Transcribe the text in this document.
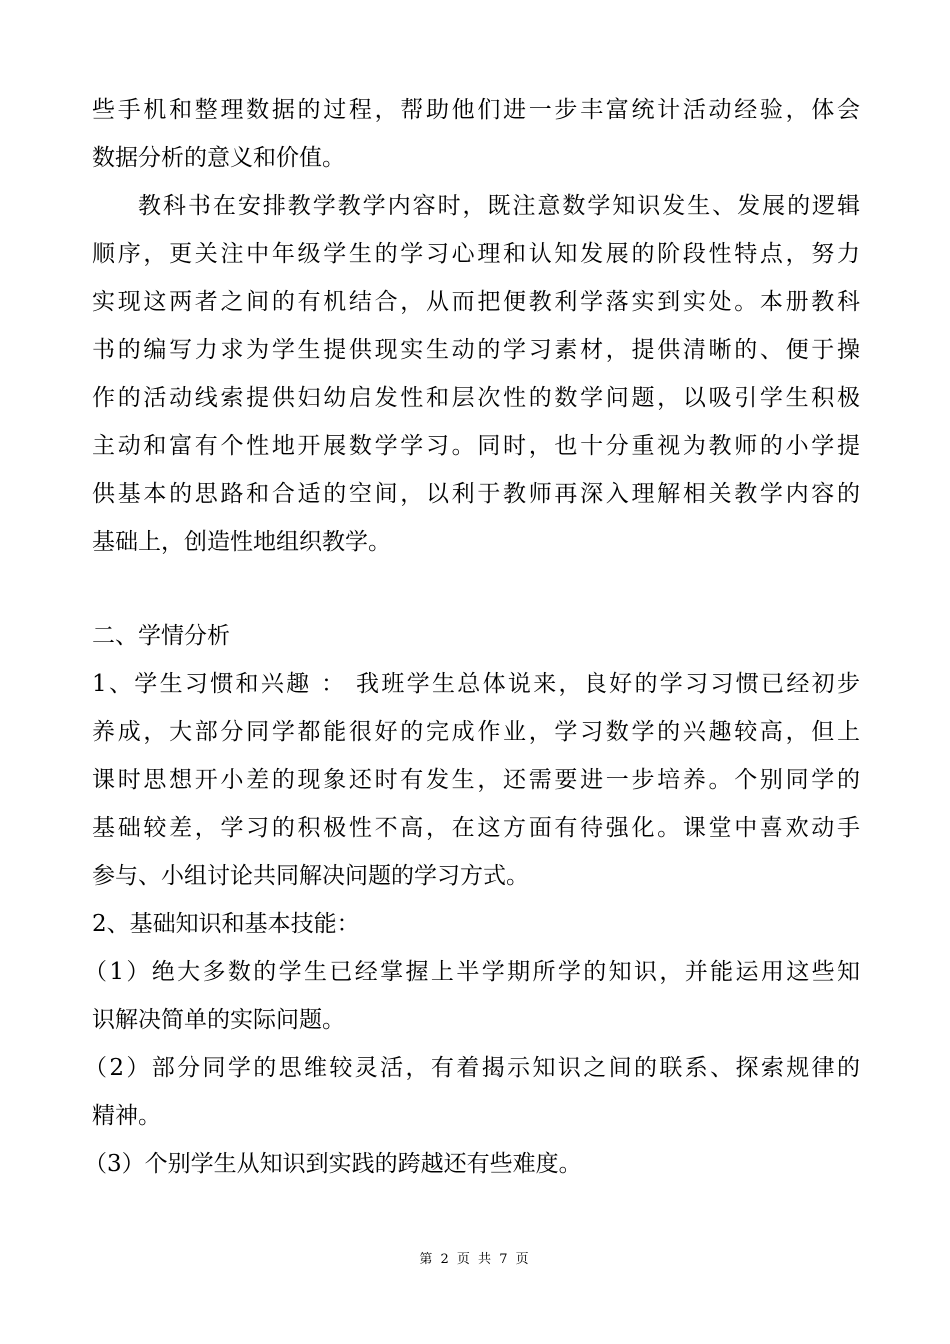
些手机和整理数据的过程，帮助他们进一步丰富统计活动经验，体会
数据分析的意义和价值。
教科书在安排教学教学内容时，既注意数学知识发生、发展的逻辑
顺序，更关注中年级学生的学习心理和认知发展的阶段性特点，努力
实现这两者之间的有机结合，从而把便教利学落实到实处。本册教科
书的编写力求为学生提供现实生动的学习素材，提供清晰的、便于操
作的活动线索提供妇幼启发性和层次性的数学问题，以吸引学生积极
主动和富有个性地开展数学学习。同时，也十分重视为教师的小学提
供基本的思路和合适的空间，以利于教师再深入理解相关教学内容的
基础上，创造性地组织教学。
二、学情分析
1、学生习惯和兴趣 ： 我班学生总体说来，良好的学习习惯已经初步
养成，大部分同学都能很好的完成作业，学习数学的兴趣较高，但上
课时思想开小差的现象还时有发生，还需要进一步培养。个别同学的
基础较差，学习的积极性不高，在这方面有待强化。课堂中喜欢动手
参与、小组讨论共同解决问题的学习方式。
2、基础知识和基本技能：
（1）绝大多数的学生已经掌握上半学期所学的知识，并能运用这些知
识解决简单的实际问题。
（2）部分同学的思维较灵活，有着揭示知识之间的联系、探索规律的
精神。
（3）个别学生从知识到实践的跨越还有些难度。
第 2 页 共 7 页
